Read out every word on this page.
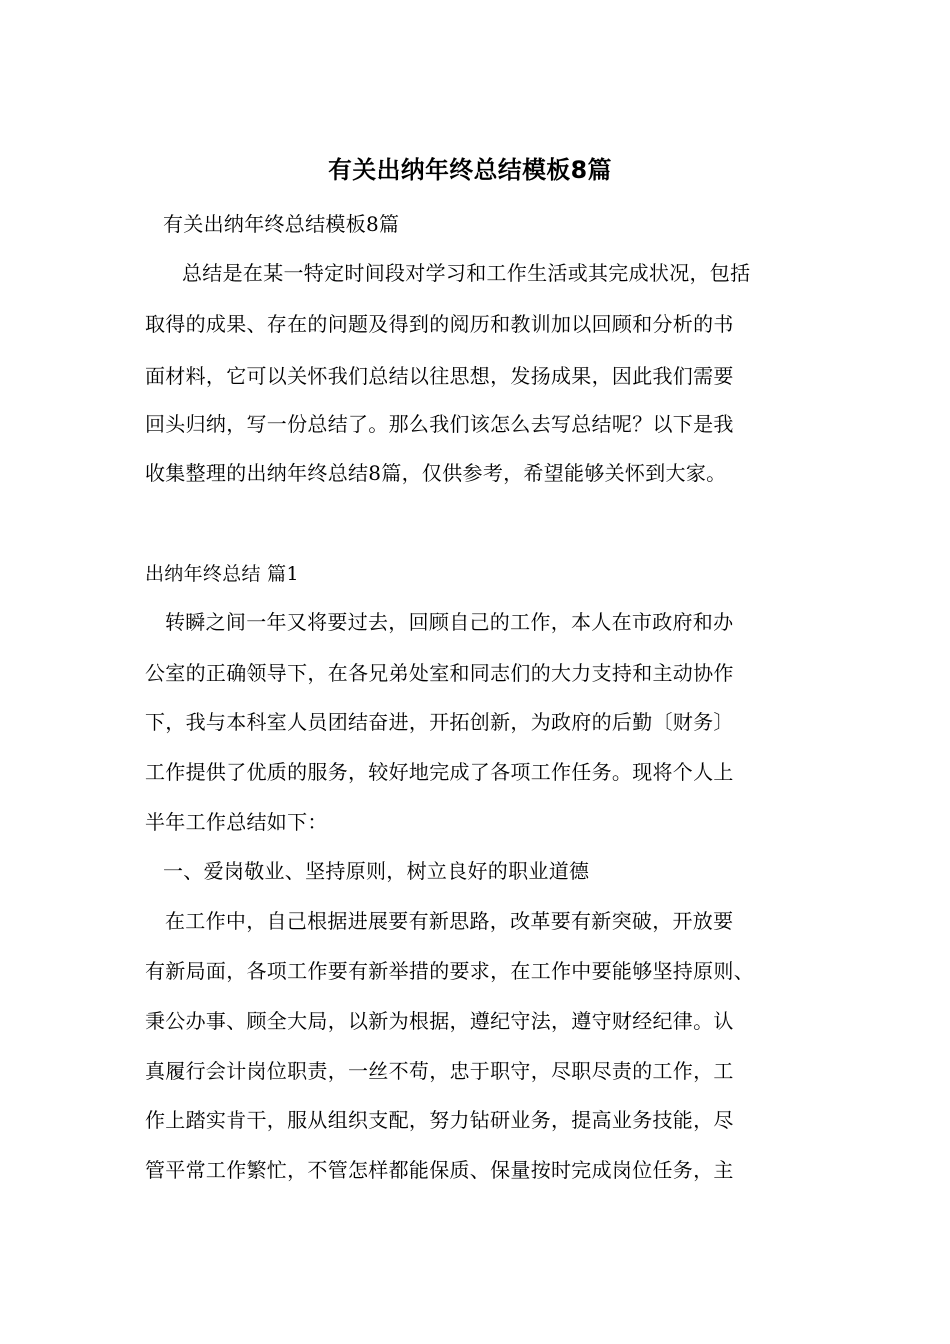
有关出纳年终总结模板8篇
有关出纳年终总结模板8篇
总结是在某一特定时间段对学习和工作生活或其完成状况，包括
取得的成果、存在的问题及得到的阅历和教训加以回顾和分析的书
面材料，它可以关怀我们总结以往思想，发扬成果，因此我们需要
回头归纳，写一份总结了。那么我们该怎么去写总结呢？以下是我
收集整理的出纳年终总结8篇，仅供参考，希望能够关怀到大家。
出纳年终总结 篇1
转瞬之间一年又将要过去，回顾自己的工作，本人在市政府和办
公室的正确领导下，在各兄弟处室和同志们的大力支持和主动协作
下，我与本科室人员团结奋进，开拓创新，为政府的后勤〔财务〕
工作提供了优质的服务，较好地完成了各项工作任务。现将个人上
半年工作总结如下：
一、爱岗敬业、坚持原则，树立良好的职业道德
在工作中，自己根据进展要有新思路，改革要有新突破，开放要
有新局面，各项工作要有新举措的要求，在工作中要能够坚持原则、
秉公办事、顾全大局，以新为根据，遵纪守法，遵守财经纪律。认
真履行会计岗位职责，一丝不苟，忠于职守，尽职尽责的工作，工
作上踏实肯干，服从组织支配，努力钻研业务，提高业务技能，尽
管平常工作繁忙，不管怎样都能保质、保量按时完成岗位任务，主
